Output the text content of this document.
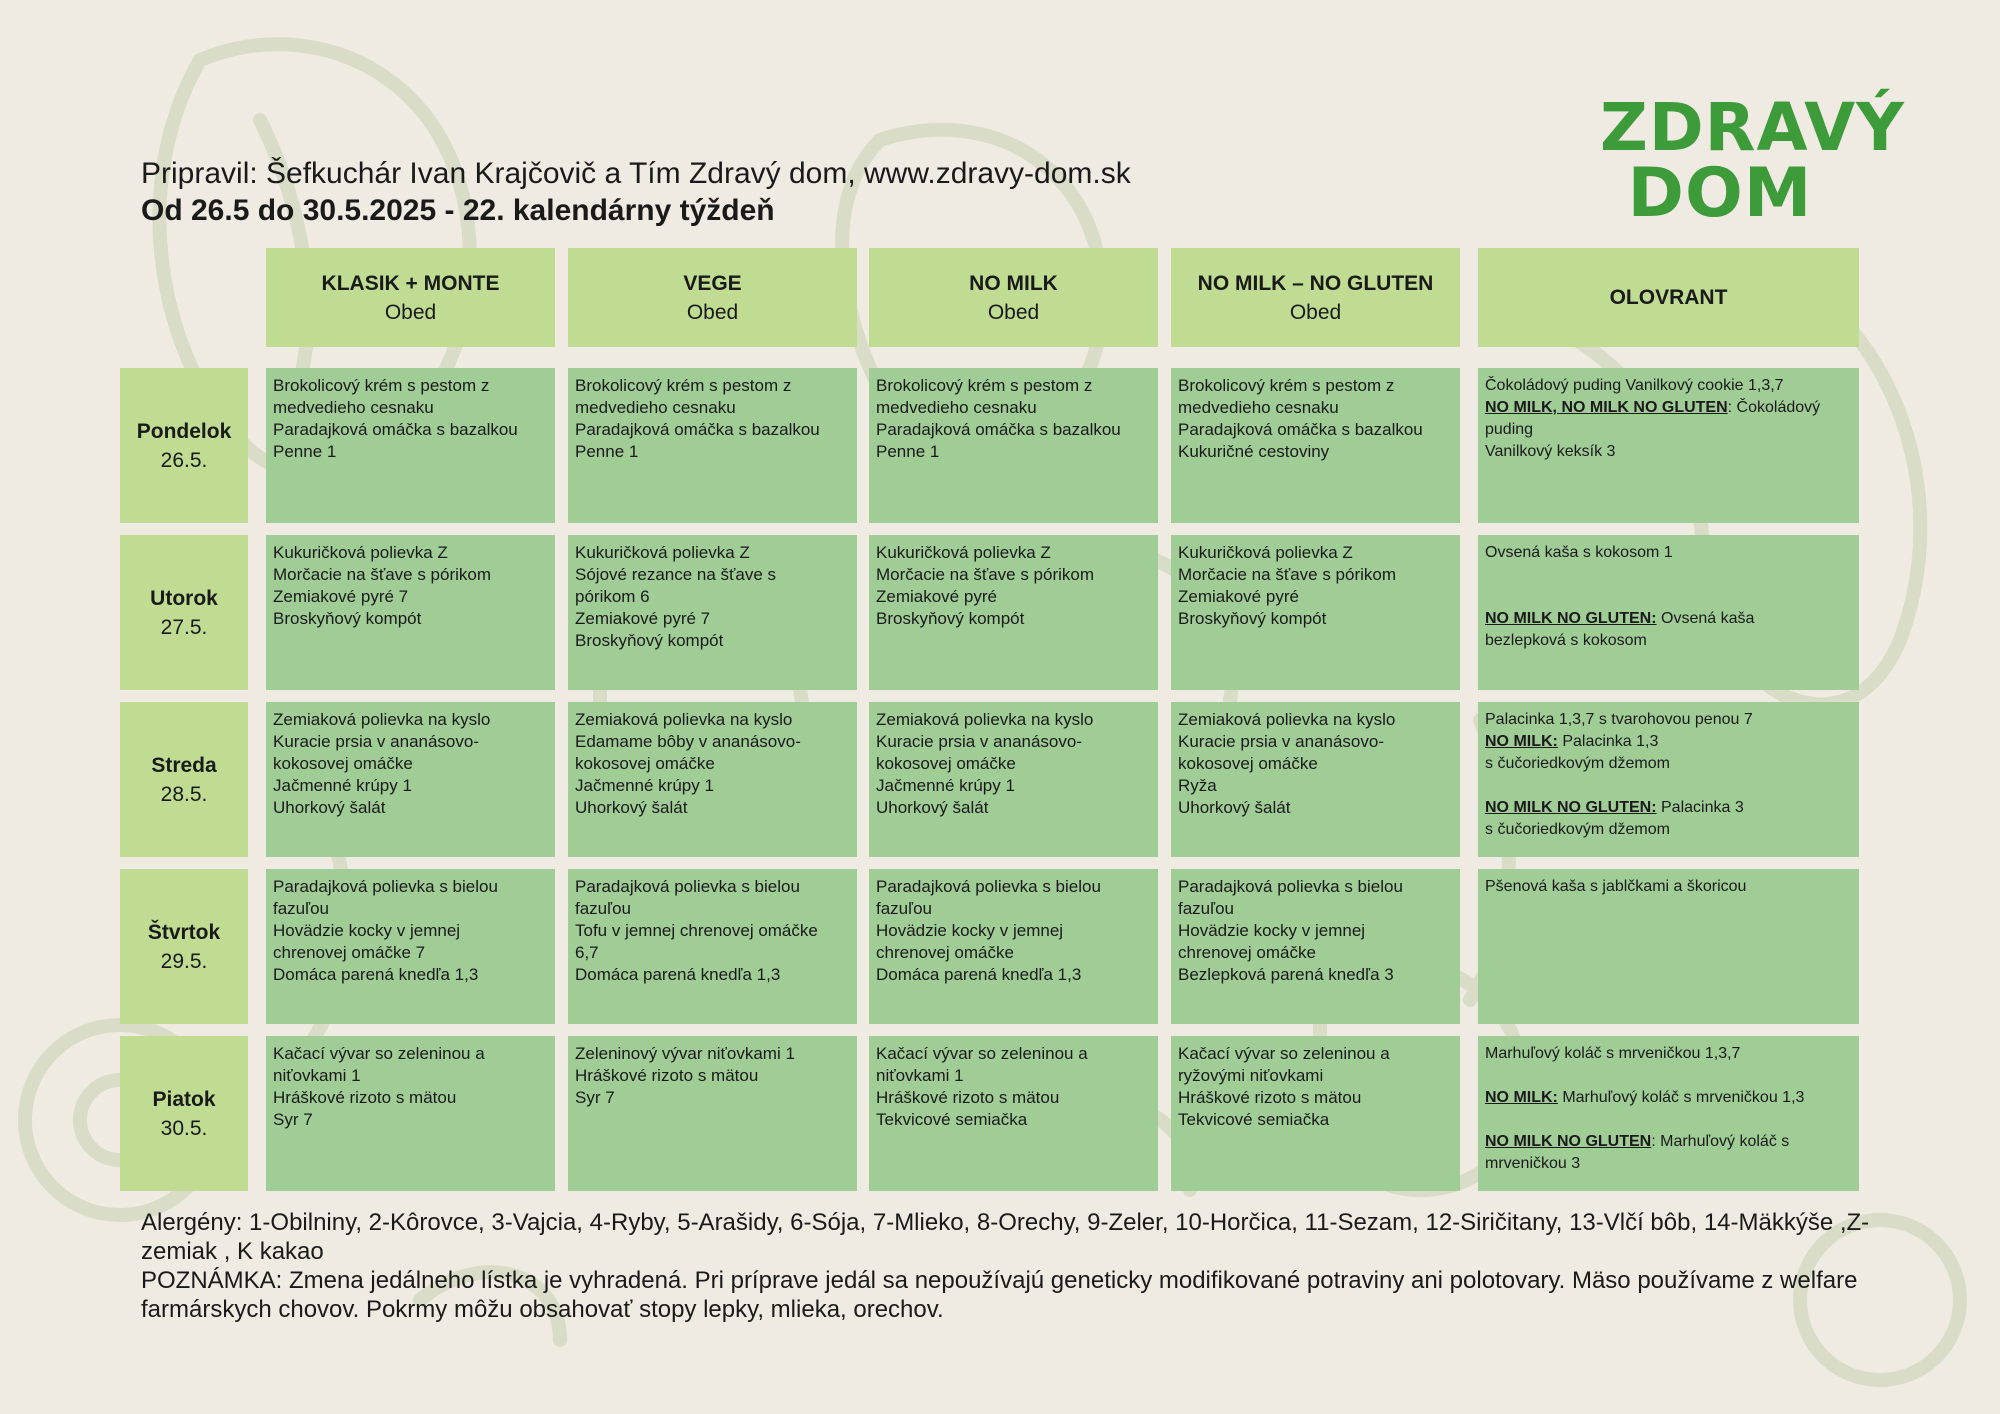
Pripravil: Šefkuchár Ivan Krajčovič a Tím Zdravý dom, www.zdravy-dom.sk
Od 26.5 do 30.5.2025 - 22. kalendárny týždeň
ZDRAVÝ
DOM
KLASIK + MONTE
Obed
VEGE
Obed
NO MILK
Obed
NO MILK – NO GLUTEN
Obed
OLOVRANT
Pondelok
26.5.
Brokolicový krém s pestom z
medvedieho cesnaku
Paradajková omáčka s bazalkou
Penne 1
Brokolicový krém s pestom z
medvedieho cesnaku
Paradajková omáčka s bazalkou
Penne 1
Brokolicový krém s pestom z
medvedieho cesnaku
Paradajková omáčka s bazalkou
Penne 1
Brokolicový krém s pestom z
medvedieho cesnaku
Paradajková omáčka s bazalkou
Kukuričné cestoviny
Čokoládový puding Vanilkový cookie 1,3,7
NO MILK, NO MILK NO GLUTEN: Čokoládový
puding
Vanilkový keksík 3
Utorok
27.5.
Kukuričková polievka Z
Morčacie na šťave s pórikom
Zemiakové pyré 7
Broskyňový kompót
Kukuričková polievka Z
Sójové rezance na šťave s
pórikom 6
Zemiakové pyré 7
Broskyňový kompót
Kukuričková polievka Z
Morčacie na šťave s pórikom
Zemiakové pyré
Broskyňový kompót
Kukuričková polievka Z
Morčacie na šťave s pórikom
Zemiakové pyré
Broskyňový kompót
Ovsená kaša s kokosom 1
NO MILK NO GLUTEN: Ovsená kaša
bezlepková s kokosom
Streda
28.5.
Zemiaková polievka na kyslo
Kuracie prsia v ananásovo-
kokosovej omáčke
Jačmenné krúpy 1
Uhorkový šalát
Zemiaková polievka na kyslo
Edamame bôby v ananásovo-
kokosovej omáčke
Jačmenné krúpy 1
Uhorkový šalát
Zemiaková polievka na kyslo
Kuracie prsia v ananásovo-
kokosovej omáčke
Jačmenné krúpy 1
Uhorkový šalát
Zemiaková polievka na kyslo
Kuracie prsia v ananásovo-
kokosovej omáčke
Ryža
Uhorkový šalát
Palacinka 1,3,7 s tvarohovou penou 7
NO MILK: Palacinka 1,3
s čučoriedkovým džemom
NO MILK NO GLUTEN: Palacinka 3
s čučoriedkovým džemom
Štvrtok
29.5.
Paradajková polievka s bielou
fazuľou
Hovädzie kocky v jemnej
chrenovej omáčke 7
Domáca parená knedľa 1,3
Paradajková polievka s bielou
fazuľou
Tofu v jemnej chrenovej omáčke
6,7
Domáca parená knedľa 1,3
Paradajková polievka s bielou
fazuľou
Hovädzie kocky v jemnej
chrenovej omáčke
Domáca parená knedľa 1,3
Paradajková polievka s bielou
fazuľou
Hovädzie kocky v jemnej
chrenovej omáčke
Bezlepková parená knedľa 3
Pšenová kaša s jablčkami a škoricou
Piatok
30.5.
Kačací vývar so zeleninou a
niťovkami 1
Hráškové rizoto s mätou
Syr 7
Zeleninový vývar niťovkami 1
Hráškové rizoto s mätou
Syr 7
Kačací vývar so zeleninou a
niťovkami 1
Hráškové rizoto s mätou
Tekvicové semiačka
Kačací vývar so zeleninou a
ryžovými niťovkami
Hráškové rizoto s mätou
Tekvicové semiačka
Marhuľový koláč s mrveničkou 1,3,7
NO MILK: Marhuľový koláč s mrveničkou 1,3
NO MILK NO GLUTEN: Marhuľový koláč s
mrveničkou 3

Alergény: 1-Obilniny, 2-Kôrovce, 3-Vajcia, 4-Ryby, 5-Arašidy, 6-Sója, 7-Mlieko, 8-Orechy, 9-Zeler, 10-Horčica, 11-Sezam, 12-Siričitany, 13-Vlčí bôb, 14-Mäkkýše ,Z-zemiak , K kakao

POZNÁMKA: Zmena jedálneho lístka je vyhradená. Pri príprave jedál sa nepoužívajú geneticky modifikované potraviny ani polotovary. Mäso používame z welfare farmárskych chovov. Pokrmy môžu obsahovať stopy lepky, mlieka, orechov.
